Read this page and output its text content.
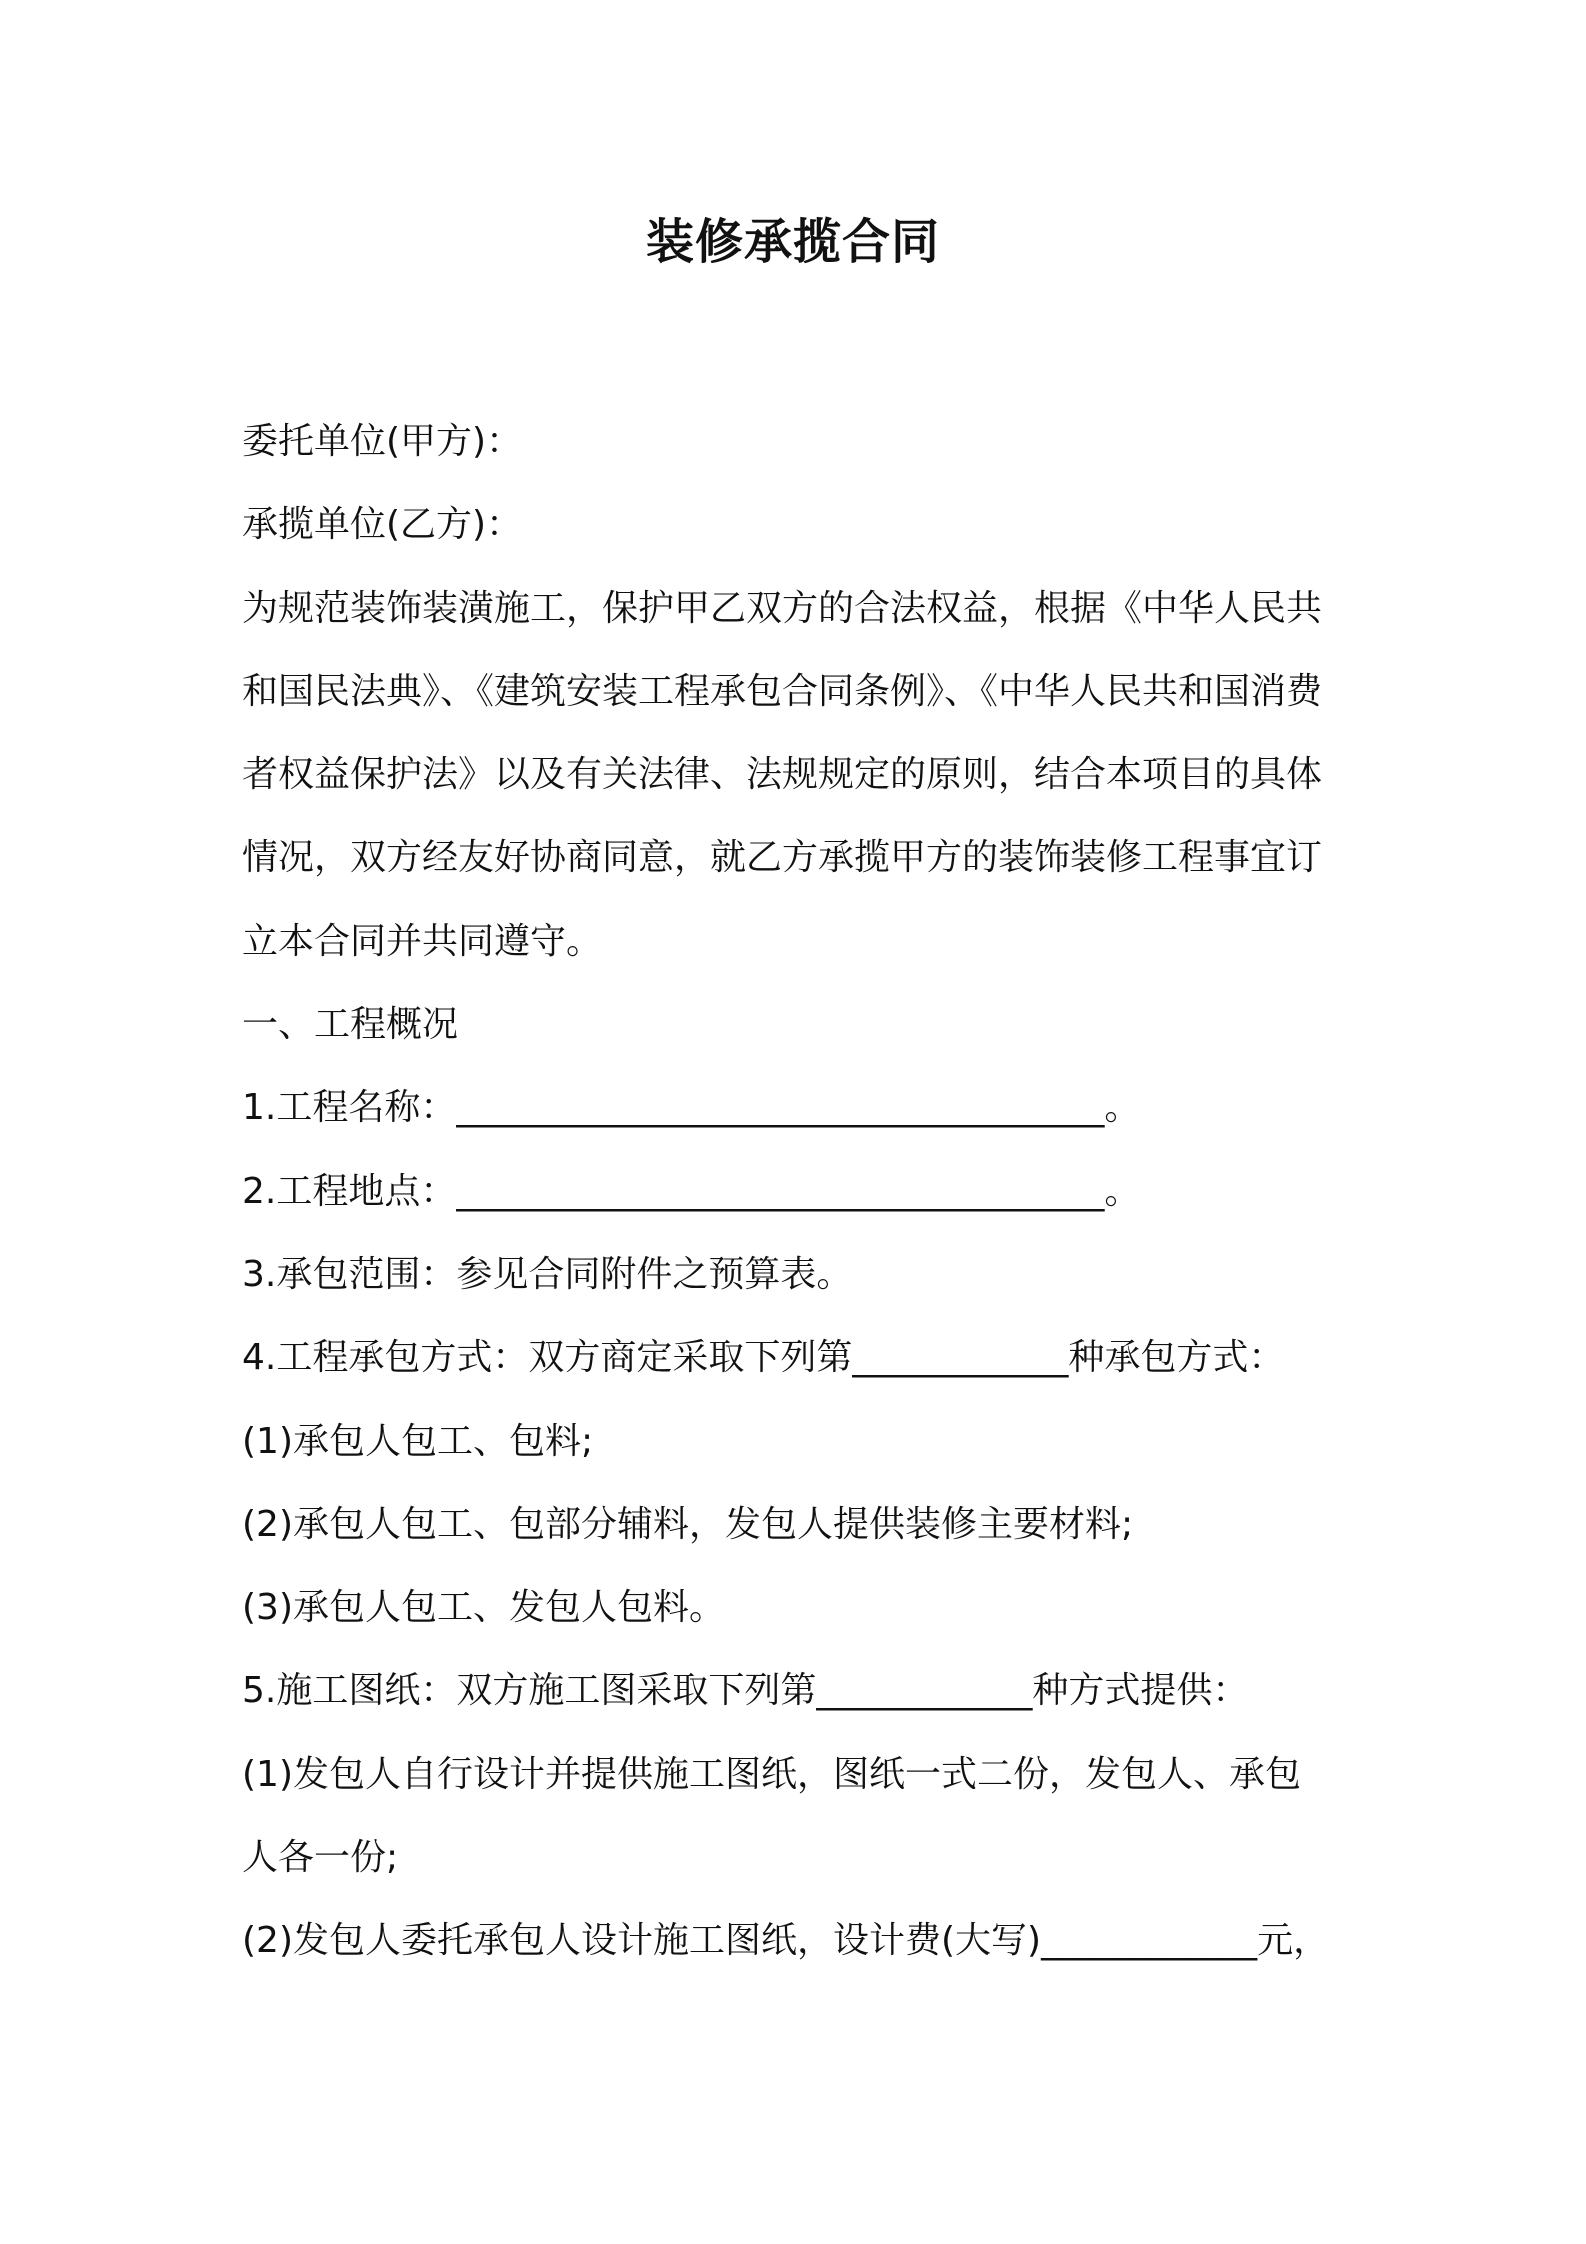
装修承揽合同
委托单位(甲方)：
承揽单位(乙方)：
为规范装饰装潢施工，保护甲乙双方的合法权益，根据《中华人民共
和国民法典》、《建筑安装工程承包合同条例》、《中华人民共和国消费
者权益保护法》以及有关法律、法规规定的原则，结合本项目的具体
情况，双方经友好协商同意，就乙方承揽甲方的装饰装修工程事宜订
立本合同并共同遵守。
一、工程概况
1.工程名称：____________________________________。
2.工程地点：____________________________________。
3.承包范围：参见合同附件之预算表。
4.工程承包方式：双方商定采取下列第____________种承包方式：
(1)承包人包工、包料;
(2)承包人包工、包部分辅料，发包人提供装修主要材料;
(3)承包人包工、发包人包料。
5.施工图纸：双方施工图采取下列第____________种方式提供：
(1)发包人自行设计并提供施工图纸，图纸一式二份，发包人、承包
人各一份;
(2)发包人委托承包人设计施工图纸，设计费(大写)____________元，
